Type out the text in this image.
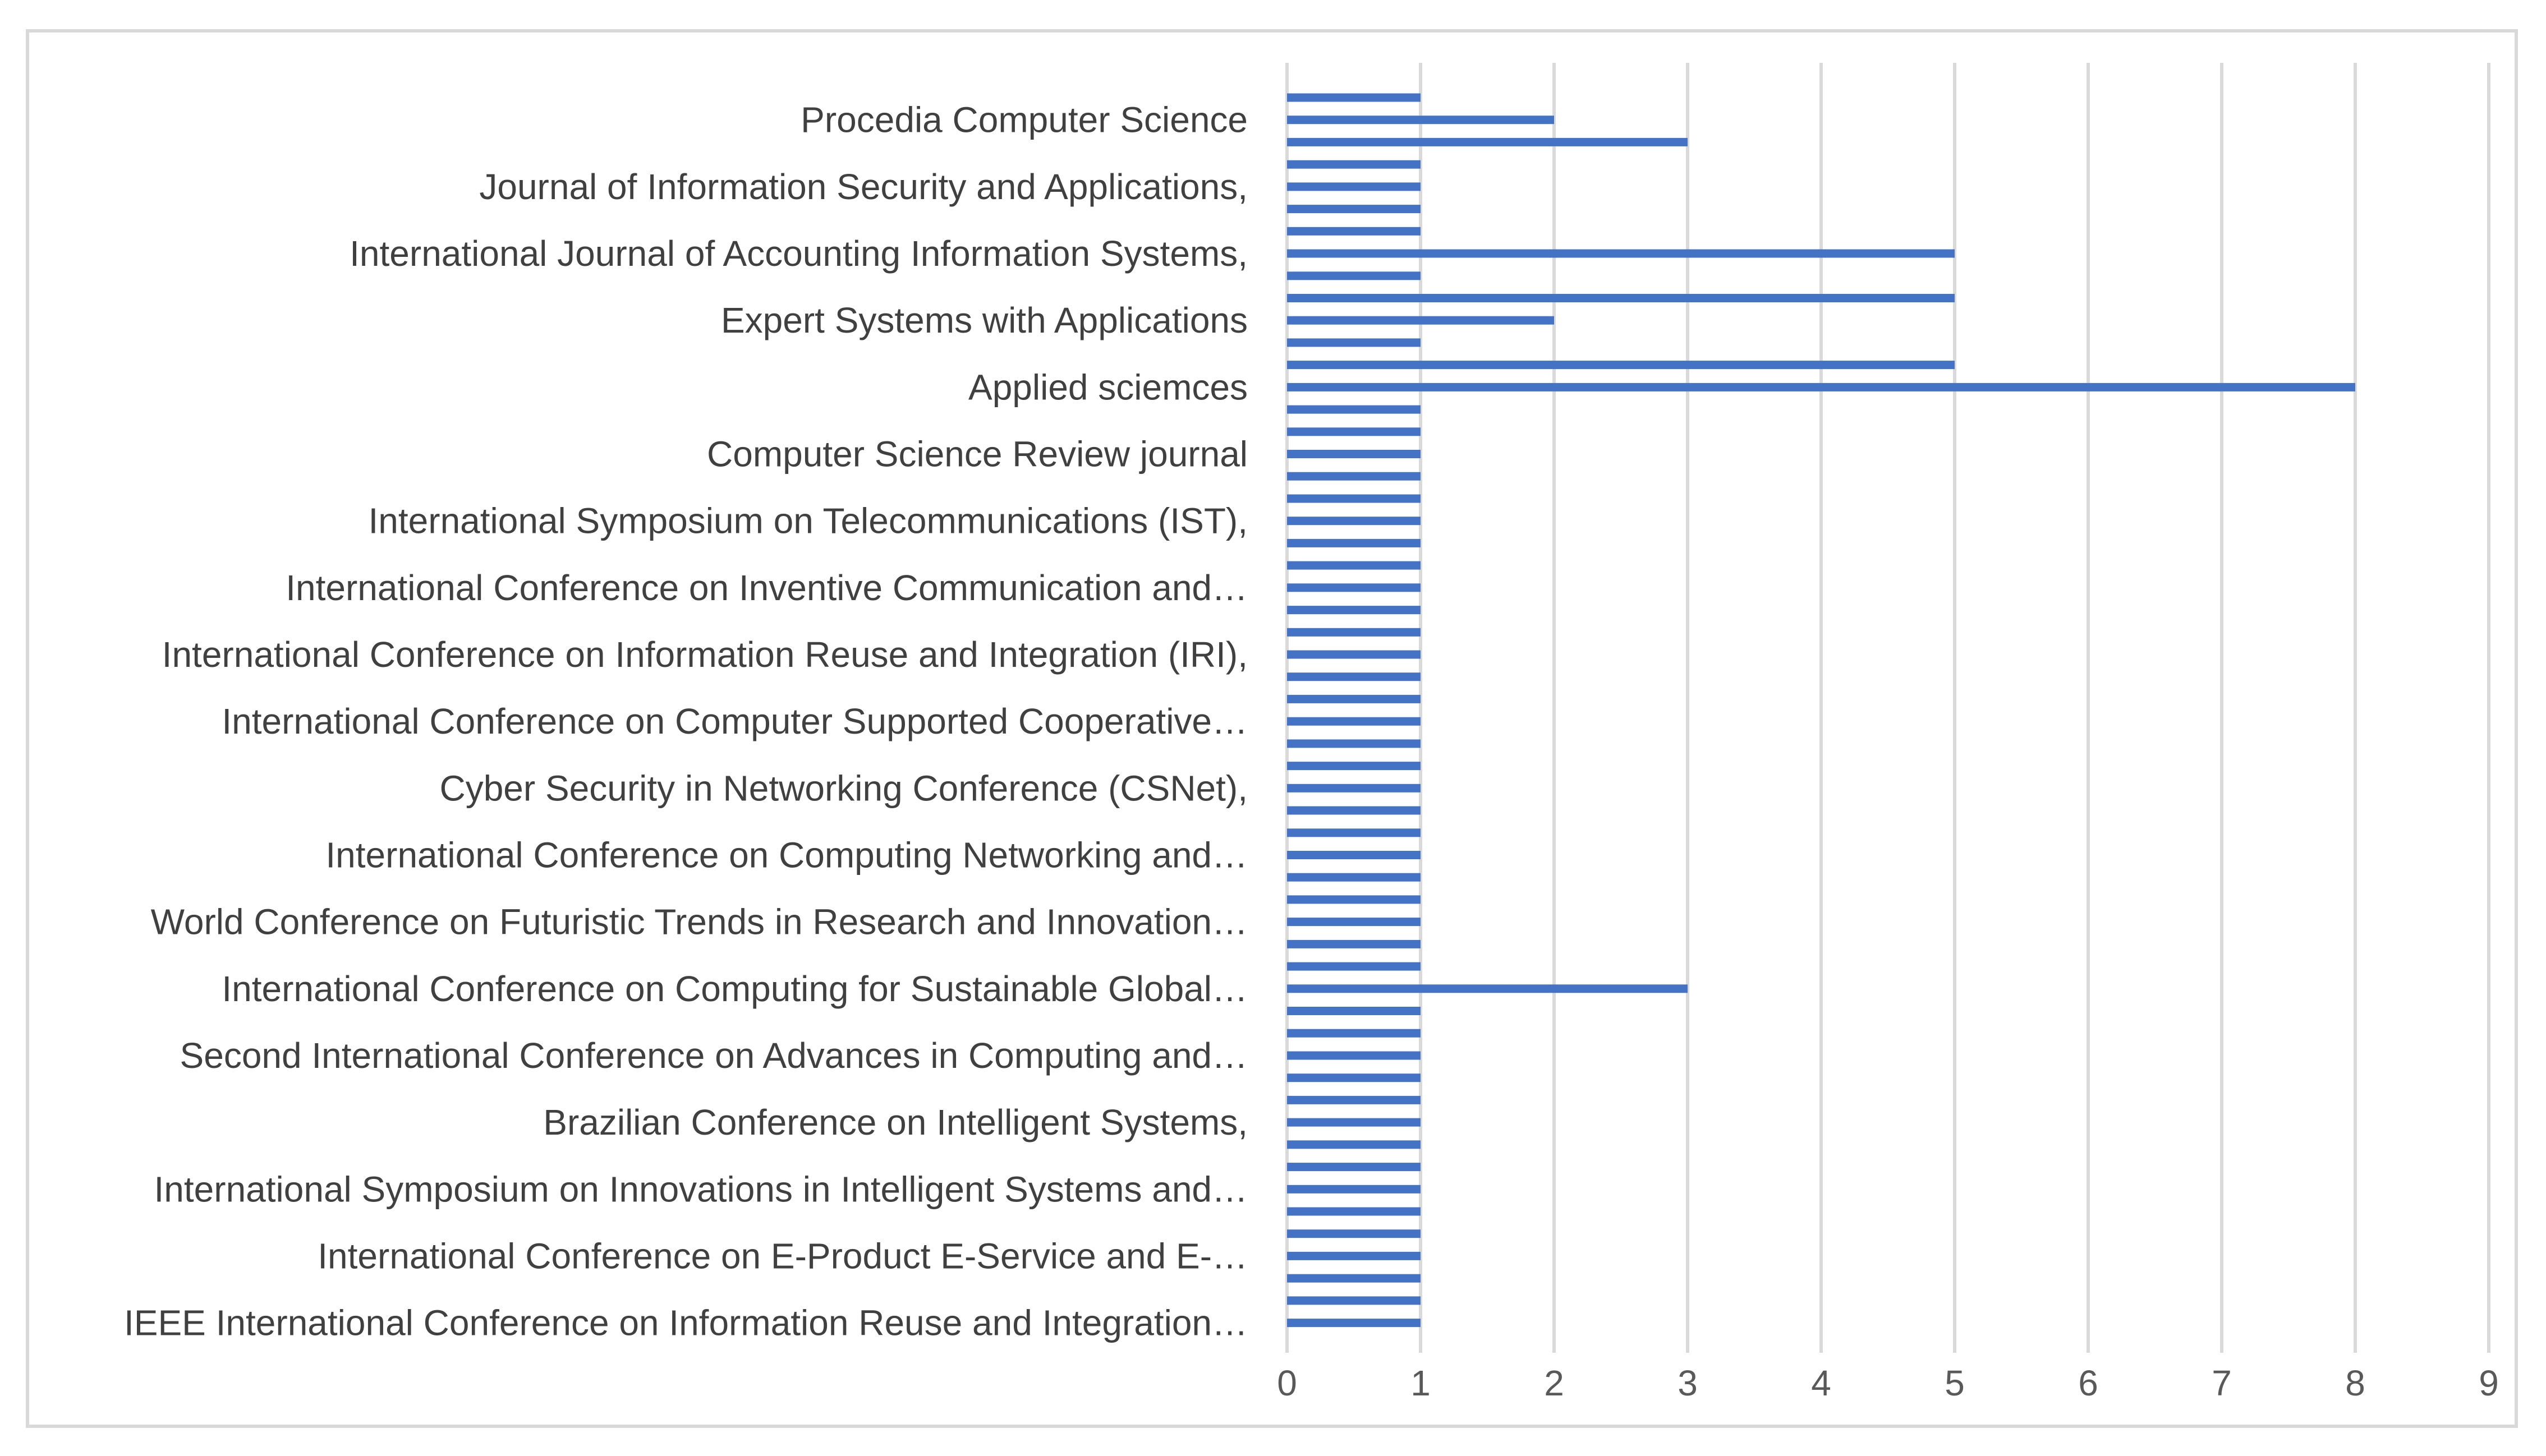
0	1	2	3	4	5	6	7	8	9
Procedia Computer Science
Journal of Information Security and Applications,
International Journal of Accounting Information Systems,
Expert Systems with Applications
Applied sciemces
Computer Science Review journal
International Symposium on Telecommunications (IST),
International Conference on Inventive Communication and…
International Conference on Information Reuse and Integration (IRI),
International Conference on Computer Supported Cooperative…
Cyber Security in Networking Conference (CSNet),
International Conference on Computing Networking and…
World Conference on Futuristic Trends in Research and Innovation…
International Conference on Computing for Sustainable Global…
Second International Conference on Advances in Computing and…
Brazilian Conference on Intelligent Systems,
International Symposium on Innovations in Intelligent Systems and…
International Conference on E-Product E-Service and E-…
IEEE International Conference on Information Reuse and Integration…
